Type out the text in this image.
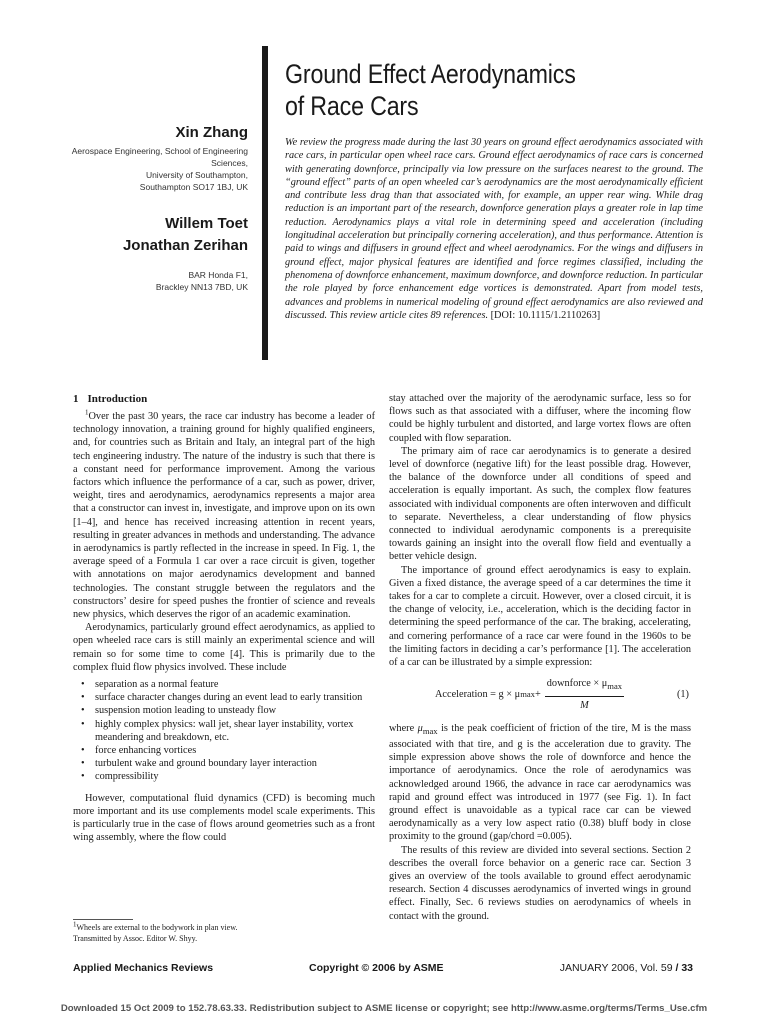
Xin Zhang

Aerospace Engineering, School of Engineering

Sciences,

University of Southampton,

Southampton SO17 1BJ, UK

Willem Toet

Jonathan Zerihan

BAR Honda F1,

Brackley NN13 7BD, UK

Ground Effect Aerodynamics
of Race Cars

We review the progress made during the last 30 years on ground effect aerodynamics associated with race cars, in particular open wheel race cars. Ground effect aerodynamics of race cars is concerned with generating downforce, principally via low pressure on the surfaces nearest to the ground. The “ground effect” parts of an open wheeled car’s aerodynamics are the most aerodynamically efficient and contribute less drag than that associated with, for example, an upper rear wing. While drag reduction is an important part of the research, downforce generation plays a greater role in lap time reduction. Aerodynamics plays a vital role in determining speed and acceleration (including longitudinal acceleration but principally cornering acceleration), and thus performance. Attention is paid to wings and diffusers in ground effect and wheel aerodynamics. For the wings and diffusers in ground effect, major physical features are identified and force regimes classified, including the phenomena of downforce enhancement, maximum downforce, and downforce reduction. In particular the role played by force enhancement edge vortices is demonstrated. Apart from model tests, advances and problems in numerical modeling of ground effect aerodynamics are also reviewed and discussed. This review article cites 89 references. [DOI: 10.1115/1.2110263]

1 Introduction

$^1$Over the past 30 years, the race car industry has become a leader of technology innovation, a training ground for highly qualified engineers, and, for countries such as Britain and Italy, an integral part of the high tech engineering industry. The nature of the industry is such that there is a constant need for performance improvement. Among the various factors which influence the performance of a car, such as power, driver, weight, tires and aerodynamics, aerodynamics represents a major area that a constructor can invest in, investigate, and improve upon on its own [1–4], and hence has received increasing attention in recent years, resulting in greater advances in methods and understanding. The advance in aerodynamics is partly reflected in the increase in speed. In Fig. 1, the average speed of a Formula 1 car over a race circuit is given, together with annotations on major aerodynamics development and banned technologies. The constant struggle between the regulators and the constructors’ desire for speed pushes the frontier of science and reveals new physics, which deserves the rigor of an academic examination.

Aerodynamics, particularly ground effect aerodynamics, as applied to open wheeled race cars is still mainly an experimental science and will remain so for some time to come [4]. This is primarily due to the complex fluid flow physics involved. These include

• separation as a normal feature
• surface character changes during an event lead to early transition
• suspension motion leading to unsteady flow
• highly complex physics: wall jet, shear layer instability, vortex meandering and breakdown, etc.
• force enhancing vortices
• turbulent wake and ground boundary layer interaction
• compressibility

However, computational fluid dynamics (CFD) is becoming much more important and its use complements model scale experiments. This is particularly true in the case of flows around geometries such as a front wing assembly, where the flow could

$^1$Wheels are external to the bodywork in plan view.
Transmitted by Assoc. Editor W. Shyy.

stay attached over the majority of the aerodynamic surface, less so for flows such as that associated with a diffuser, where the incoming flow could be highly turbulent and distorted, and large vortex flows are often coupled with flow separation.

The primary aim of race car aerodynamics is to generate a desired level of downforce (negative lift) for the least possible drag. However, the balance of the downforce under all conditions of speed and acceleration is equally important. As such, the complex flow features associated with individual components are often interwoven and difficult to separate. Nevertheless, a clear understanding of flow physics connected to individual aerodynamic components is a prerequisite towards gaining an insight into the overall flow field and eventually a better vehicle design.

The importance of ground effect aerodynamics is easy to explain. Given a fixed distance, the average speed of a car determines the time it takes for a car to complete a circuit. However, over a closed circuit, it is the change of velocity, i.e., acceleration, which is the deciding factor in determining the speed performance of the car. The braking, accelerating, and cornering performance of a race car were found in the 1960s to be the limiting factors in deciding a car’s performance [1]. The acceleration of a car can be illustrated by a simple expression:

Acceleration = g × μ $\max + \frac{downforce \times \mu_{max}}{M}$	(1)

where $\mu_{max}$ is the peak coefficient of friction of the tire, M is the mass associated with that tire, and g is the acceleration due to gravity. The simple expression above shows the role of downforce and hence the importance of aerodynamics. Once the role of aerodynamics was acknowledged around 1966, the advance in race car aerodynamics was rapid and ground effect was introduced in 1977 (see Fig. 1). In fact ground effect is unavoidable as a typical race car can be viewed aerodynamically as a very low aspect ratio (0.38) bluff body in close proximity to the ground (gap/chord =0.005).

The results of this review are divided into several sections. Section 2 describes the overall force behavior on a generic race car. Section 3 gives an overview of the tools available to ground effect aerodynamic research. Section 4 discusses aerodynamics of inverted wings in ground effect. Finally, Sec. 6 reviews studies on aerodynamics of wheels in contact with the ground.

Applied Mechanics Reviews	Copyright © 2006 by ASME	JANUARY 2006, Vol. 59 / 33
Downloaded 15 Oct 2009 to 152.78.63.33. Redistribution subject to ASME license or copyright; see http://www.asme.org/terms/Terms_Use.cfm
